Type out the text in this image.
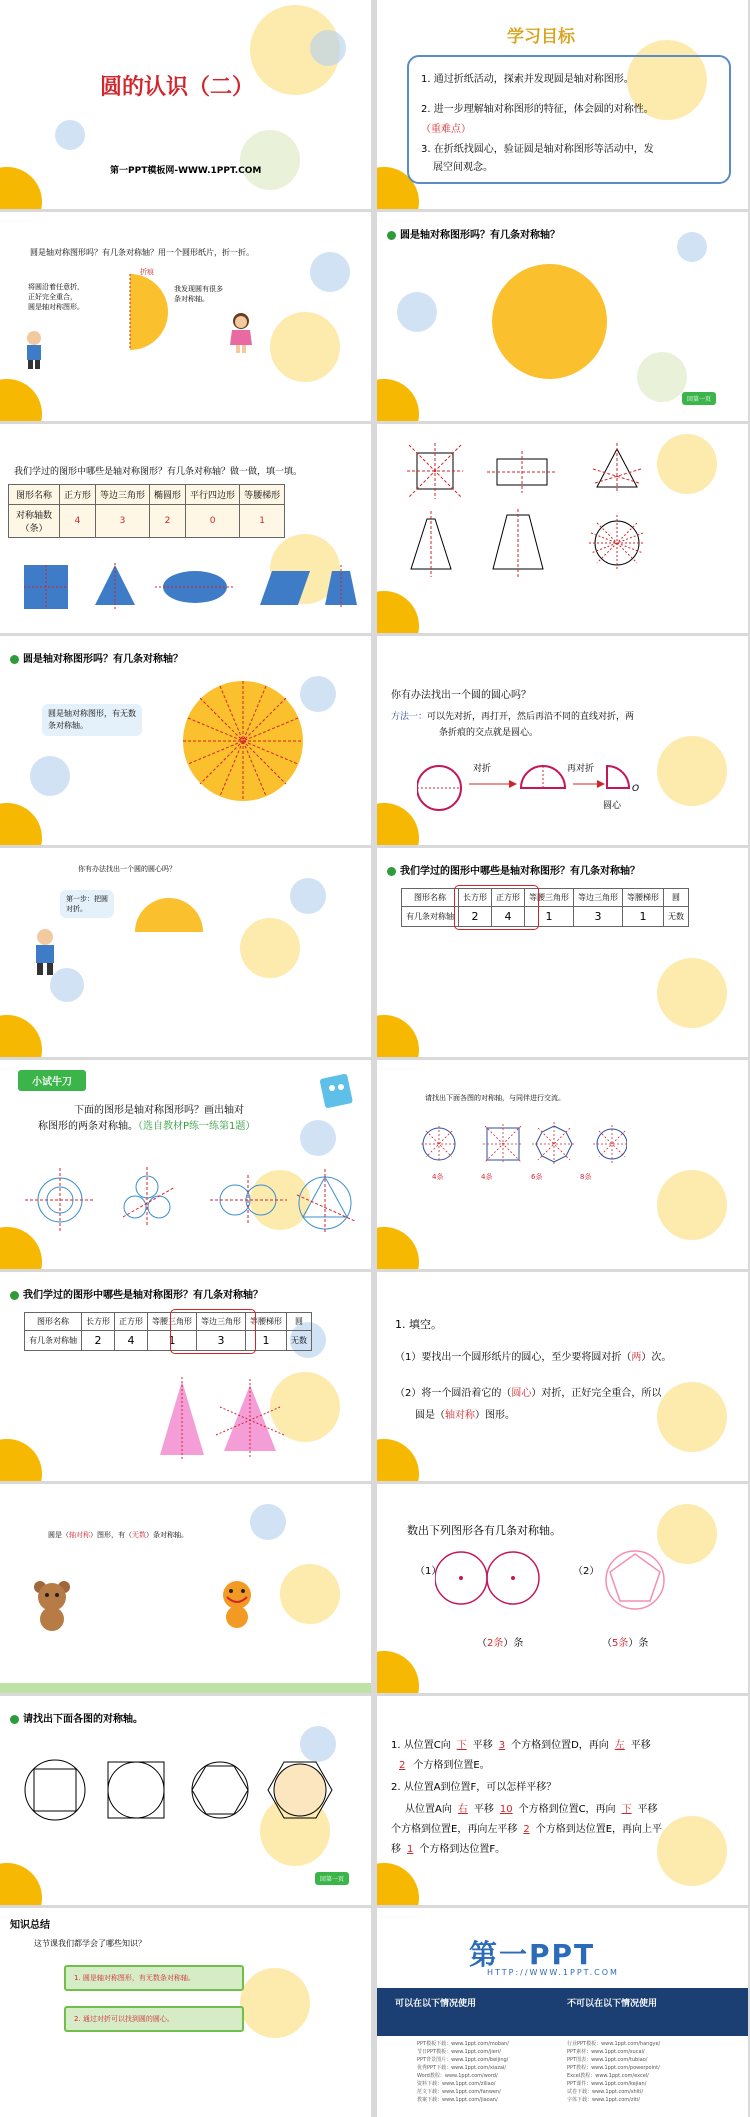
圆的认识（二）
第一PPT模板网-WWW.1PPT.COM
学习目标
1. 通过折纸活动，探索并发现圆是轴对称图形。
2. 进一步理解轴对称图形的特征，体会圆的对称性。
（重难点）
3. 在折纸找圆心，验证圆是轴对称图形等活动中，发
展空间观念。
圆是轴对称图形吗？有几条对称轴？用一个圆形纸片，折一折。
将圆沿着任意折，
正好完全重合，
圆是轴对称图形。
折痕
我发现圆有很多
条对称轴。
圆是轴对称图形吗？有几条对称轴？
回第一页
我们学过的图形中哪些是轴对称图形？有几条对称轴？做一做，填一填。
图形名称	正方形	等边三角形	椭圆形	平行四边形	等腰梯形
对称轴数（条）	4	3	2	0	1
圆是轴对称图形吗？有几条对称轴？
圆是轴对称图形，有无数
条对称轴。
你有办法找出一个圆的圆心吗？
方法一：可以先对折，再打开，然后再沿不同的直线对折，两
条折痕的交点就是圆心。
对折	再对折
O
圆心
你有办法找出一个圆的圆心吗？
第一步：把圆
对折。
我们学过的图形中哪些是轴对称图形？有几条对称轴？
图形名称	长方形	正方形	等腰三角形	等边三角形	等腰梯形	圆
有几条对称轴	2	4	1	3	1	无数
小试牛刀
下面的图形是轴对称图形吗？画出轴对
称图形的两条对称轴。（选自教材P练一练第1题）
请找出下面各图的对称轴，与同伴进行交流。
4条	4条	6条	8条
我们学过的图形中哪些是轴对称图形？有几条对称轴？
图形名称	长方形	正方形	等腰三角形	等边三角形	等腰梯形	圆
有几条对称轴	2	4	1	3	1	无数
1. 填空。
（1）要找出一个圆形纸片的圆心，至少要将圆对折（两）次。
（2）将一个圆沿着它的（圆心）对折，正好完全重合，所以
圆是（轴对称）图形。
圆是（轴对称）图形，有（无数）条对称轴。	数出下列图形各有几条对称轴。
（1）	（2）
（2条）条	（5条）条
请找出下面各图的对称轴。
回第一页
1. 从位置C向 下 平移 3 个方格到位置D，再向 左 平移
2 个方格到位置E。
2. 从位置A到位置F，可以怎样平移？
从位置A向 右 平移 10 个方格到位置C，再向 下 平移
个方格到位置E，再向左平移 2 个方格到达位置E，再向上平
移 1 个方格到达位置F。
知识总结
这节课我们都学会了哪些知识？
1. 圆是轴对称图形，有无数条对称轴。
2. 通过对折可以找到圆的圆心。
第一PPT
HTTP://WWW.1PPT.COM
可以在以下情况使用	不可以在以下情况使用
PPT模板下载：www.1ppt.com/moban/
节日PPT模板：www.1ppt.com/jieri/
PPT背景图片：www.1ppt.com/beijing/
优秀PPT下载：www.1ppt.com/xiazai/
Word教程：www.1ppt.com/word/
资料下载：www.1ppt.com/ziliao/
范文下载：www.1ppt.com/fanwen/
教案下载：www.1ppt.com/jiaoan/
行业PPT模板：www.1ppt.com/hangye/
PPT素材：www.1ppt.com/sucai/
PPT图表：www.1ppt.com/tubiao/
PPT教程：www.1ppt.com/powerpoint/
Excel教程：www.1ppt.com/excel/
PPT课件：www.1ppt.com/kejian/
试卷下载：www.1ppt.com/shiti/
字体下载：www.1ppt.com/ziti/
